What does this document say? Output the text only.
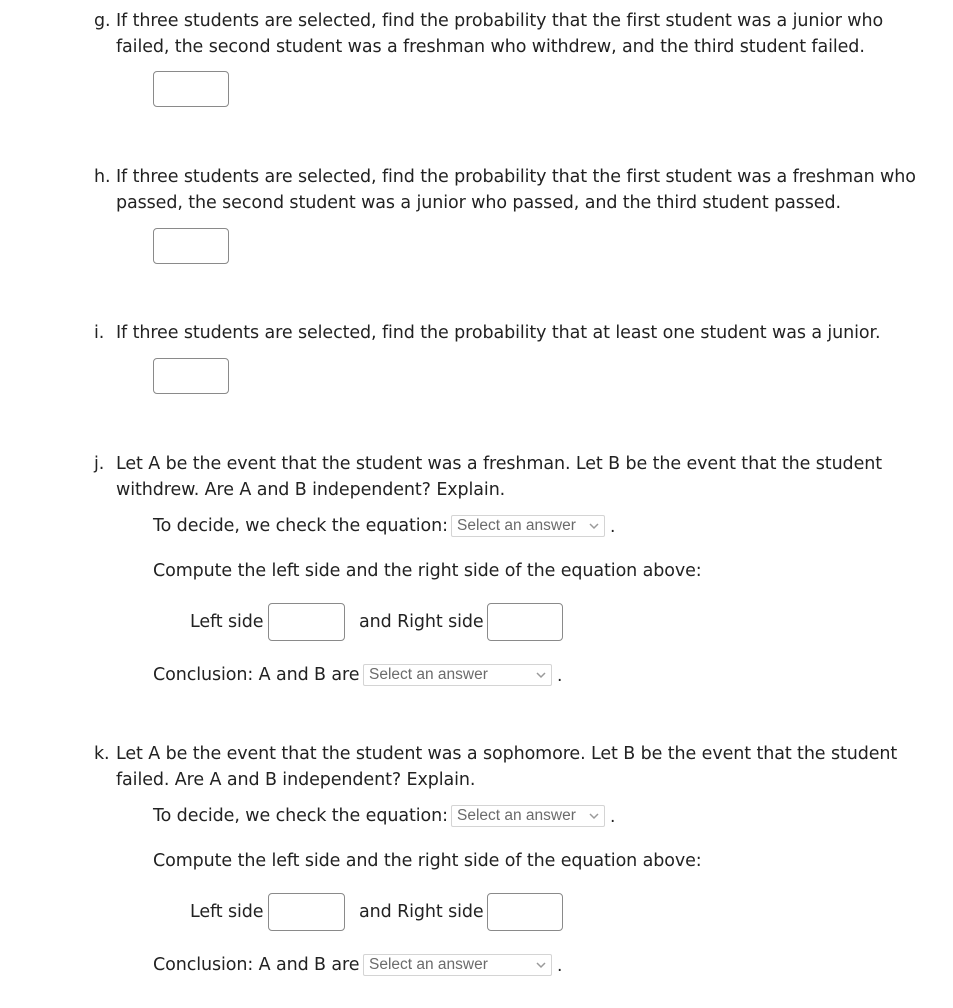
g. If three students are selected, find the probability that the first student was a junior who failed, the second student was a freshman who withdrew, and the third student failed.
h. If three students are selected, find the probability that the first student was a freshman who passed, the second student was a junior who passed, and the third student passed.
i. If three students are selected, find the probability that at least one student was a junior.
j. Let A be the event that the student was a freshman. Let B be the event that the student withdrew. Are A and B independent? Explain.
To decide, we check the equation: Select an answer	.
Compute the left side and the right side of the equation above:
Left side	and Right side
Conclusion: A and B are Select an answer	.
k. Let A be the event that the student was a sophomore. Let B be the event that the student failed. Are A and B independent? Explain.
To decide, we check the equation: Select an answer	.
Compute the left side and the right side of the equation above:
Left side	and Right side
Conclusion: A and B are Select an answer	.
